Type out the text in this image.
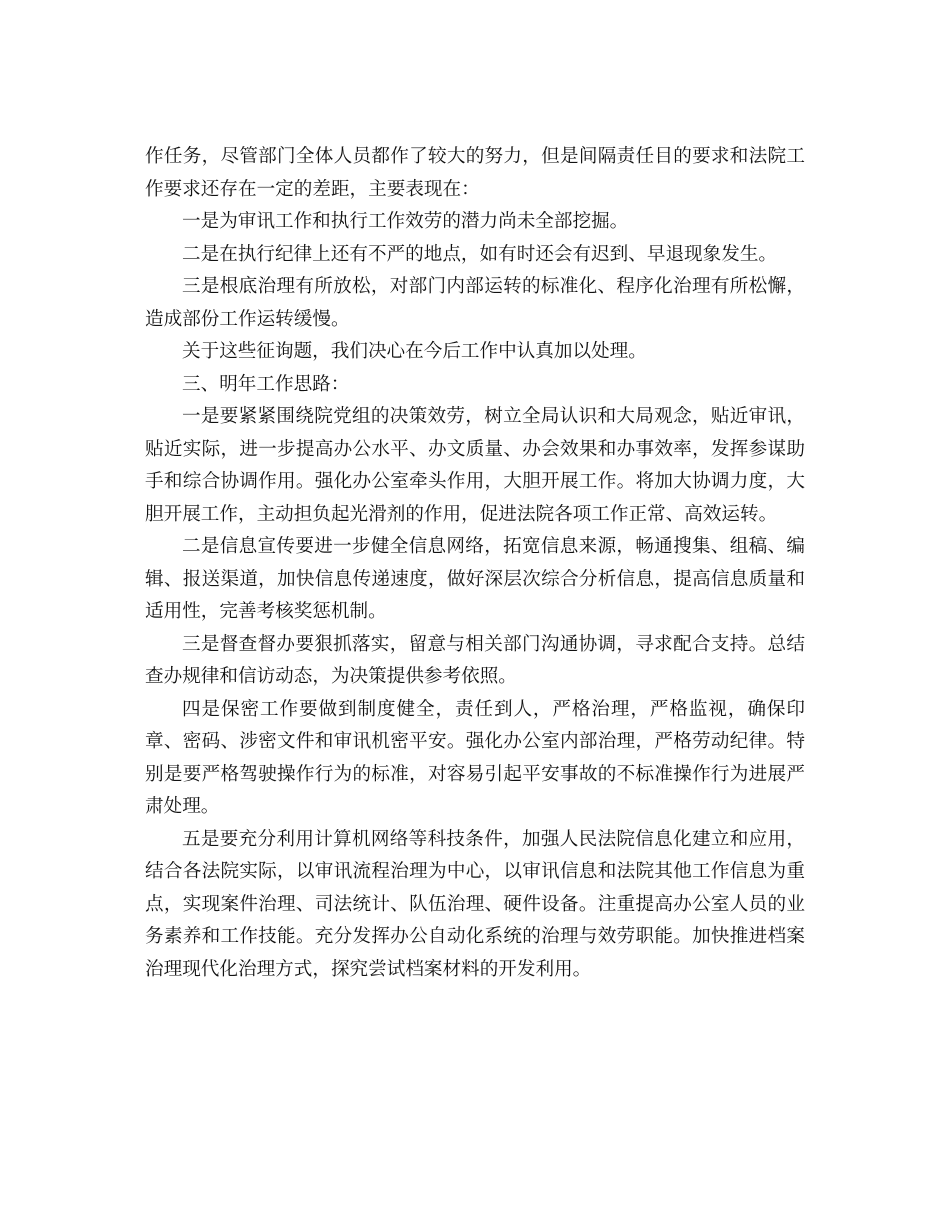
作任务，尽管部门全体人员都作了较大的努力，但是间隔责任目的要求和法院工作要求还存在一定的差距，主要表现在：

一是为审讯工作和执行工作效劳的潜力尚未全部挖掘。

二是在执行纪律上还有不严的地点，如有时还会有迟到、早退现象发生。

三是根底治理有所放松，对部门内部运转的标准化、程序化治理有所松懈，造成部份工作运转缓慢。

关于这些征询题，我们决心在今后工作中认真加以处理。

三、明年工作思路：

一是要紧紧围绕院党组的决策效劳，树立全局认识和大局观念，贴近审讯，贴近实际，进一步提高办公水平、办文质量、办会效果和办事效率，发挥参谋助手和综合协调作用。强化办公室牵头作用，大胆开展工作。将加大协调力度，大胆开展工作，主动担负起光滑剂的作用，促进法院各项工作正常、高效运转。

二是信息宣传要进一步健全信息网络，拓宽信息来源，畅通搜集、组稿、编辑、报送渠道，加快信息传递速度，做好深层次综合分析信息，提高信息质量和适用性，完善考核奖惩机制。

三是督查督办要狠抓落实，留意与相关部门沟通协调，寻求配合支持。总结查办规律和信访动态，为决策提供参考依照。

四是保密工作要做到制度健全，责任到人，严格治理，严格监视，确保印章、密码、涉密文件和审讯机密平安。强化办公室内部治理，严格劳动纪律。特别是要严格驾驶操作行为的标准，对容易引起平安事故的不标准操作行为进展严肃处理。

五是要充分利用计算机网络等科技条件，加强人民法院信息化建立和应用，结合各法院实际，以审讯流程治理为中心，以审讯信息和法院其他工作信息为重点，实现案件治理、司法统计、队伍治理、硬件设备。注重提高办公室人员的业务素养和工作技能。充分发挥办公自动化系统的治理与效劳职能。加快推进档案治理现代化治理方式，探究尝试档案材料的开发利用。
